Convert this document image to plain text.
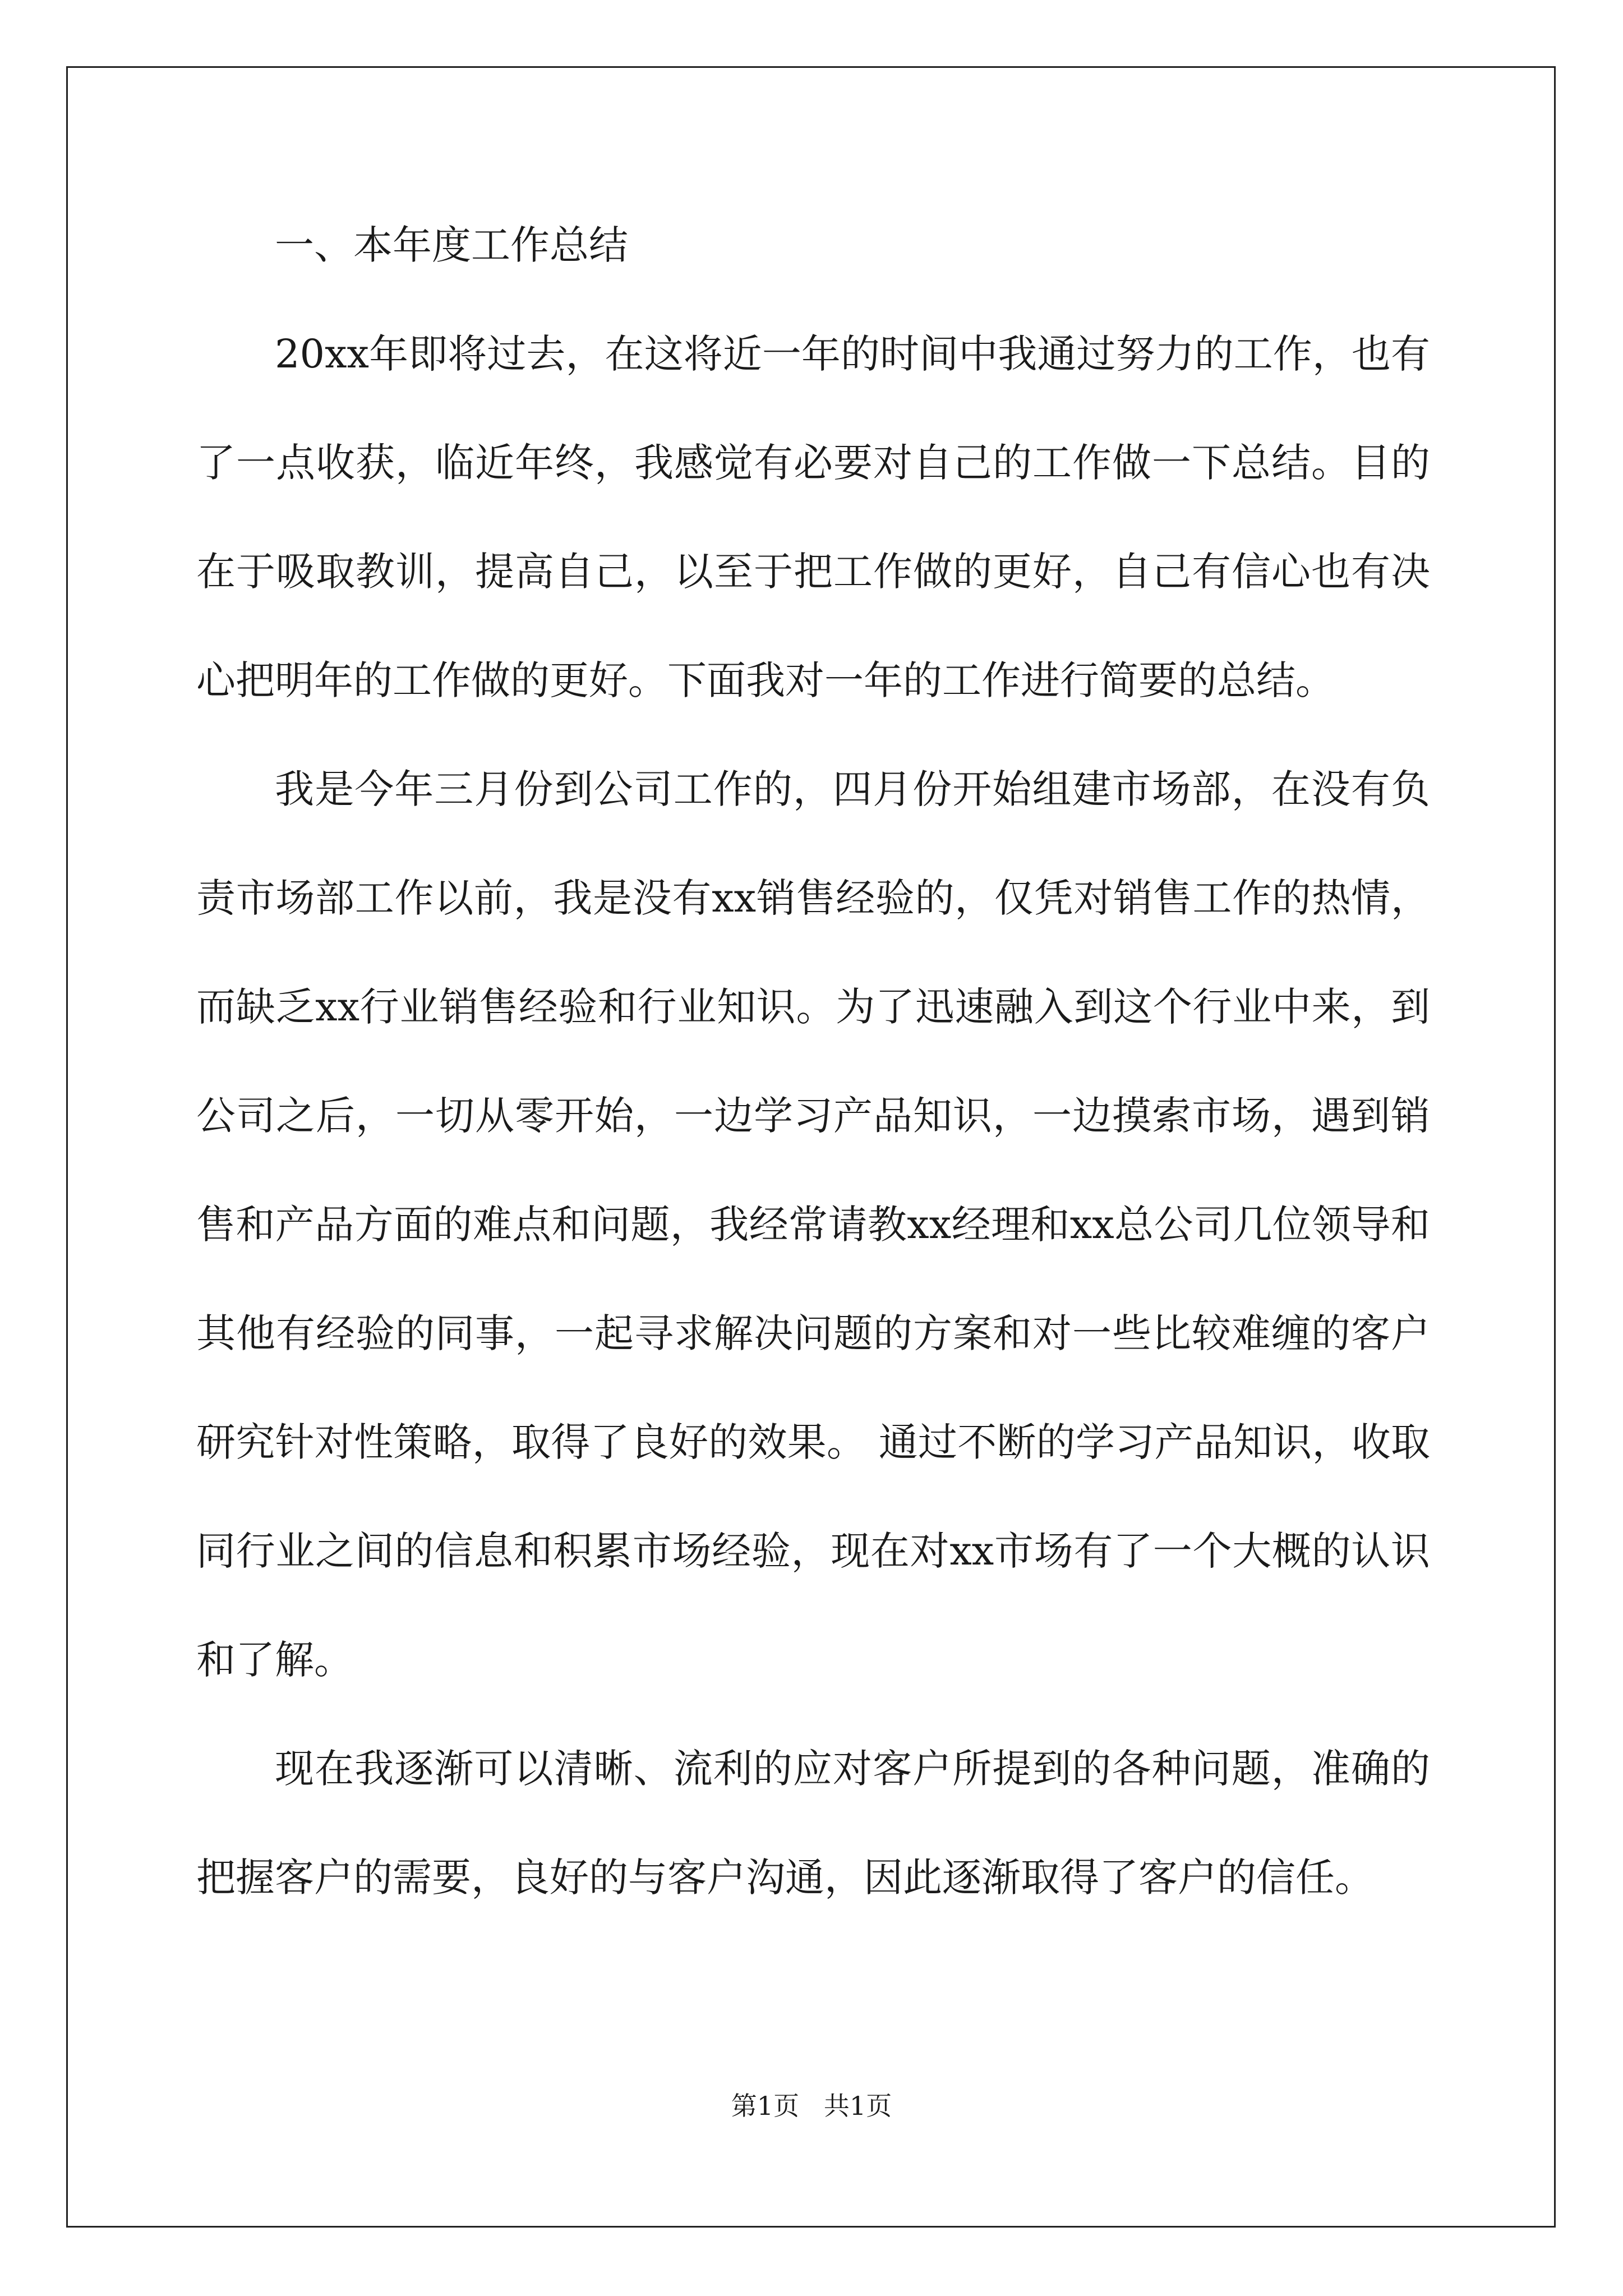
一、本年度工作总结

20xx年即将过去，在这将近一年的时间中我通过努力的工作，也有了一点收获，临近年终，我感觉有必要对自己的工作做一下总结。目的在于吸取教训，提高自己，以至于把工作做的更好，自己有信心也有决心把明年的工作做的更好。下面我对一年的工作进行简要的总结。

我是今年三月份到公司工作的，四月份开始组建市场部，在没有负责市场部工作以前，我是没有xx销售经验的，仅凭对销售工作的热情，而缺乏xx行业销售经验和行业知识。为了迅速融入到这个行业中来，到公司之后，一切从零开始，一边学习产品知识，一边摸索市场，遇到销售和产品方面的难点和问题，我经常请教xx经理和xx总公司几位领导和其他有经验的同事，一起寻求解决问题的方案和对一些比较难缠的客户研究针对性策略，取得了良好的效果。 通过不断的学习产品知识，收取同行业之间的信息和积累市场经验，现在对xx市场有了一个大概的认识和了解。

现在我逐渐可以清晰、流利的应对客户所提到的各种问题，准确的把握客户的需要，良好的与客户沟通，因此逐渐取得了客户的信任。

第1页   共1页
